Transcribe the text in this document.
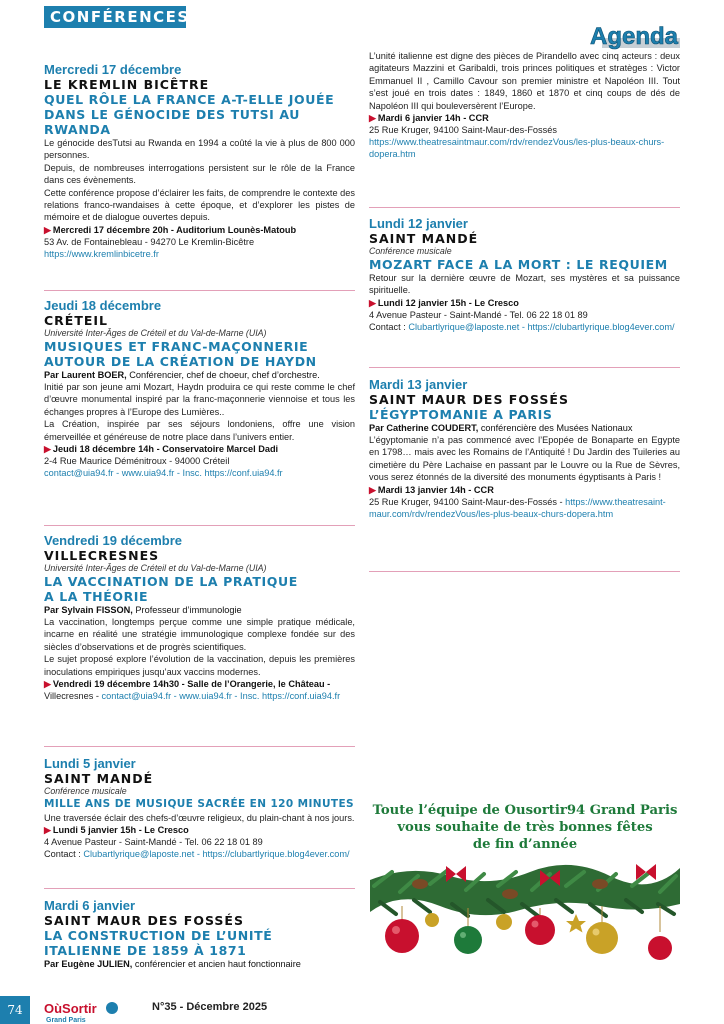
CONFÉRENCES
Agenda
Mercredi 17 décembre
LE KREMLIN BICÊTRE
QUEL RÔLE LA FRANCE A-T-ELLE JOUÉE
DANS LE GÉNOCIDE DES TUTSI AU RWANDA

Le génocide desTutsi au Rwanda en 1994 a coûté la vie à plus de 800 000 personnes.

Depuis, de nombreuses interrogations persistent sur le rôle de la France dans ces évènements.

Cette conférence propose d’éclairer les faits, de comprendre le contexte des relations franco-rwandaises à cette époque, et d’explorer les pistes de mémoire et de dialogue ouvertes depuis.

▶ Mercredi 17 décembre 20h - Auditorium Lounès-Matoub
53 Av. de Fontainebleau - 94270 Le Kremlin-Bicêtre
https://www.kremlinbicetre.fr
Jeudi 18 décembre
CRÉTEIL
Université Inter-Âges de Créteil et du Val-de-Marne (UIA)
MUSIQUES ET FRANC-MAÇONNERIE
AUTOUR DE LA CRÉATION DE HAYDN
Par Laurent BOER, Conférencier, chef de choeur, chef d’orchestre.

Initié par son jeune ami Mozart, Haydn produira ce qui reste comme le chef d’œuvre monumental inspiré par la franc-maçonnerie viennoise et tous les échanges propres à l’Europe des Lumières..

La Création, inspirée par ses séjours londoniens, offre une vision émerveillée et généreuse de notre place dans l’univers entier.

▶ Jeudi 18 décembre 14h - Conservatoire Marcel Dadi
2-4 Rue Maurice Déménitroux - 94000 Créteil
contact@uia94.fr - www.uia94.fr - Insc. https://conf.uia94.fr
Vendredi 19 décembre
VILLECRESNES
Université Inter-Âges de Créteil et du Val-de-Marne (UIA)
LA VACCINATION DE LA PRATIQUE
A LA THÉORIE
Par Sylvain FISSON, Professeur d’immunologie

La vaccination, longtemps perçue comme une simple pratique médicale, incarne en réalité une stratégie immunologique complexe fondée sur des siècles d’observations et de progrès scientifiques.

Le sujet proposé explore l’évolution de la vaccination, depuis les premières inoculations empiriques jusqu’aux vaccins modernes.

▶ Vendredi 19 décembre 14h30 - Salle de l’Orangerie, le Château -
Villecresnes - contact@uia94.fr - www.uia94.fr - Insc. https://conf.uia94.fr
Lundi 5 janvier
SAINT MANDÉ
Conférence musicale
MILLE ANS DE MUSIQUE SACRÉE EN 120 MINUTES

Une traversée éclair des chefs-d’œuvre religieux, du plain-chant à nos jours.

▶ Lundi 5 janvier 15h - Le Cresco
4 Avenue Pasteur - Saint-Mandé - Tel. 06 22 18 01 89
Contact : Clubartlyrique@laposte.net - https://clubartlyrique.blog4ever.com/
Mardi 6 janvier
SAINT MAUR DES FOSSÉS
LA CONSTRUCTION DE L’UNITÉ
ITALIENNE DE 1859 À 1871
Par Eugène JULIEN, conférencier et ancien haut fonctionnaire

L’unité italienne est digne des pièces de Pirandello avec cinq acteurs : deux agitateurs Mazzini et Garibaldi, trois princes politiques et stratèges : Victor Emmanuel II , Camillo Cavour son premier ministre et Napoléon III. Tout s’est joué en trois dates : 1849, 1860 et 1870 et cinq coups de dés de Napoléon III qui bouleversèrent l’Europe.

▶ Mardi 6 janvier 14h - CCR
25 Rue Kruger, 94100 Saint-Maur-des-Fossés
https://www.theatresaintmaur.com/rdv/rendezVous/les-plus-beaux-churs-dopera.htm
Lundi 12 janvier
SAINT MANDÉ
Conférence musicale
MOZART FACE A LA MORT : LE REQUIEM

Retour sur la dernière œuvre de Mozart, ses mystères et sa puissance spirituelle.

▶ Lundi 12 janvier 15h - Le Cresco
4 Avenue Pasteur - Saint-Mandé - Tel. 06 22 18 01 89
Contact : Clubartlyrique@laposte.net - https://clubartlyrique.blog4ever.com/
Mardi 13 janvier
SAINT MAUR DES FOSSÉS
L’ÉGYPTOMANIE A PARIS
Par Catherine COUDERT, conférencière des Musées Nationaux

L’égyptomanie n’a pas commencé avec l’Epopée de Bonaparte en Egypte en 1798… mais avec les Romains de l’Antiquité ! Du Jardin des Tuileries au cimetière du Père Lachaise en passant par le Louvre ou la Rue de Sèvres, vous serez étonnés de la diversité des monuments égyptisants à Paris !

▶ Mardi 13 janvier 14h - CCR
25 Rue Kruger, 94100 Saint-Maur-des-Fossés - https://www.theatresaint-maur.com/rdv/rendezVous/les-plus-beaux-churs-dopera.htm
Toute l’équipe de Ousortir94 Grand Paris
vous souhaite de très bonnes fêtes
de fin d’année
74	OùSortir
Grand Paris
N°35 - Décembre 2025
